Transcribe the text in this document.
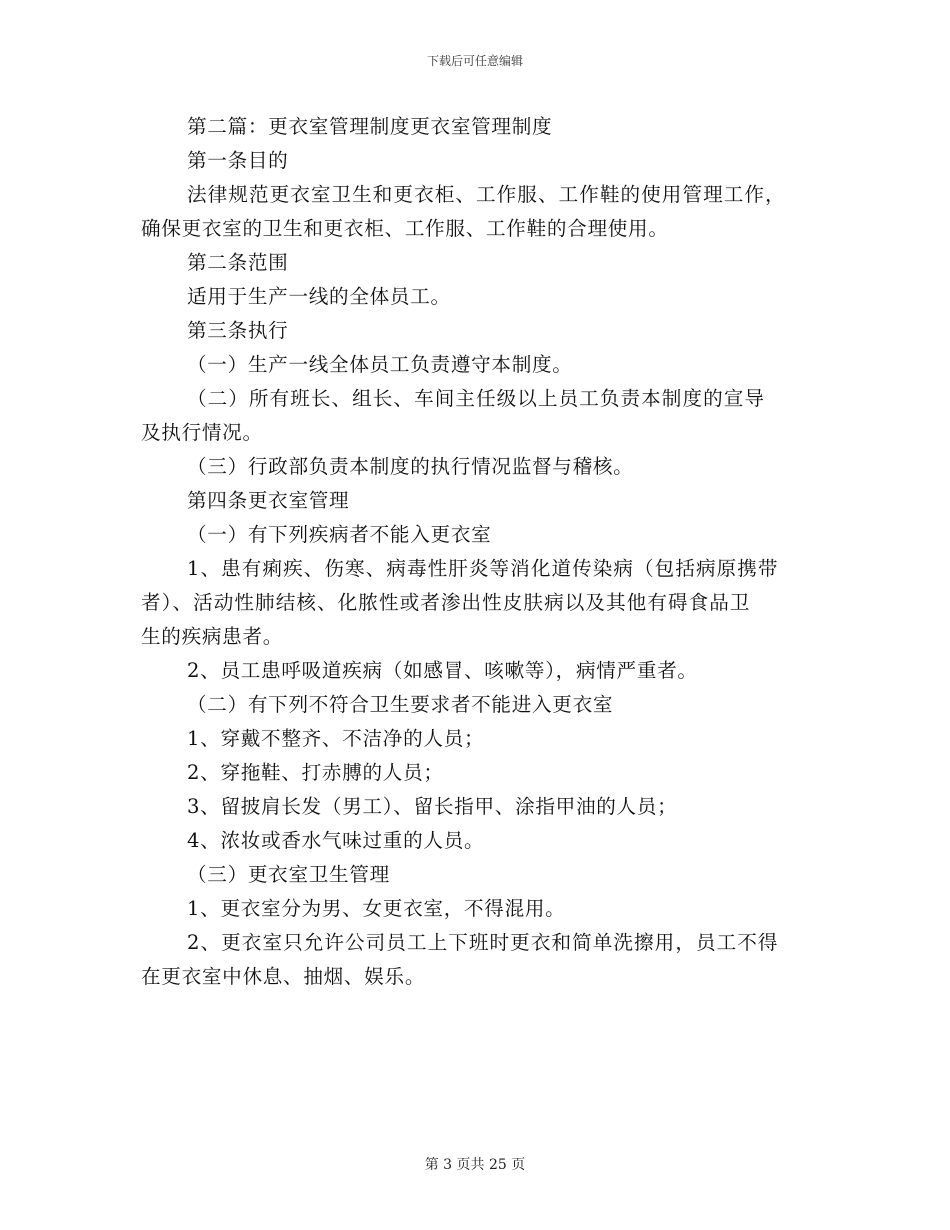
下载后可任意编辑
第二篇：更衣室管理制度更衣室管理制度
第一条目的
法律规范更衣室卫生和更衣柜、工作服、工作鞋的使用管理工作，
确保更衣室的卫生和更衣柜、工作服、工作鞋的合理使用。
第二条范围
适用于生产一线的全体员工。
第三条执行
（一）生产一线全体员工负责遵守本制度。
（二）所有班长、组长、车间主任级以上员工负责本制度的宣导
及执行情况。
（三）行政部负责本制度的执行情况监督与稽核。
第四条更衣室管理
（一）有下列疾病者不能入更衣室
1、患有痢疾、伤寒、病毒性肝炎等消化道传染病（包括病原携带
者）、活动性肺结核、化脓性或者渗出性皮肤病以及其他有碍食品卫
生的疾病患者。
2、员工患呼吸道疾病（如感冒、咳嗽等），病情严重者。
（二）有下列不符合卫生要求者不能进入更衣室
1、穿戴不整齐、不洁净的人员；
2、穿拖鞋、打赤膊的人员；
3、留披肩长发（男工）、留长指甲、涂指甲油的人员；
4、浓妆或香水气味过重的人员。
（三）更衣室卫生管理
1、更衣室分为男、女更衣室，不得混用。
2、更衣室只允许公司员工上下班时更衣和简单洗擦用，员工不得
在更衣室中休息、抽烟、娱乐。
第 3 页共 25 页
